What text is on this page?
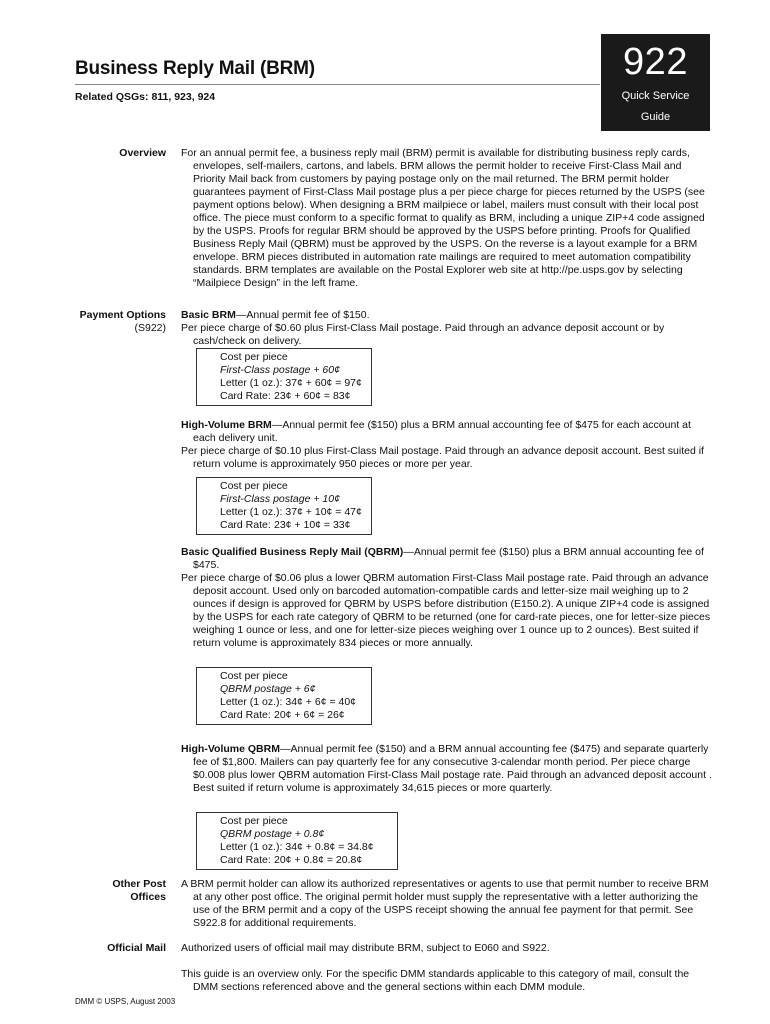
Business Reply Mail (BRM)
Related QSGs: 811, 923, 924
922
Quick Service
Guide
Overview For an annual permit fee, a business reply mail (BRM) permit is available for distributing business reply cards, envelopes, self-mailers, cartons, and labels. BRM allows the permit holder to receive First-Class Mail and Priority Mail back from customers by paying postage only on the mail returned. The BRM permit holder guarantees payment of First-Class Mail postage plus a per piece charge for pieces returned by the USPS (see payment options below). When designing a BRM mailpiece or label, mailers must consult with their local post office. The piece must conform to a specific format to qualify as BRM, including a unique ZIP+4 code assigned by the USPS. Proofs for regular BRM should be approved by the USPS before printing. Proofs for Qualified Business Reply Mail (QBRM) must be approved by the USPS. On the reverse is a layout example for a BRM envelope. BRM pieces distributed in automation rate mailings are required to meet automation compatibility standards. BRM templates are available on the Postal Explorer web site at http://pe.usps.gov by selecting “Mailpiece Design” in the left frame.

Payment Options
(S922)

Basic BRM—Annual permit fee of $150.

Per piece charge of $0.60 plus First-Class Mail postage. Paid through an advance deposit account or by cash/check on delivery.

Cost per piece
First-Class postage + 60¢
Letter (1 oz.): 37¢ + 60¢ = 97¢
Card Rate: 23¢ + 60¢ = 83¢

High-Volume BRM—Annual permit fee ($150) plus a BRM annual accounting fee of $475 for each account at each delivery unit.

Per piece charge of $0.10 plus First-Class Mail postage. Paid through an advance deposit account. Best suited if return volume is approximately 950 pieces or more per year.

Cost per piece
First-Class postage + 10¢
Letter (1 oz.): 37¢ + 10¢ = 47¢
Card Rate: 23¢ + 10¢ = 33¢

Basic Qualified Business Reply Mail (QBRM)—Annual permit fee ($150) plus a BRM annual accounting fee of $475.

Per piece charge of $0.06 plus a lower QBRM automation First-Class Mail postage rate. Paid through an advance deposit account. Used only on barcoded automation-compatible cards and letter-size mail weighing up to 2 ounces if design is approved for QBRM by USPS before distribution (E150.2). A unique ZIP+4 code is assigned by the USPS for each rate category of QBRM to be returned (one for card-rate pieces, one for letter-size pieces weighing 1 ounce or less, and one for letter-size pieces weighing over 1 ounce up to 2 ounces). Best suited if return volume is approximately 834 pieces or more annually.

Cost per piece
QBRM postage + 6¢
Letter (1 oz.): 34¢ + 6¢ = 40¢
Card Rate: 20¢ + 6¢ = 26¢

High-Volume QBRM—Annual permit fee ($150) and a BRM annual accounting fee ($475) and separate quarterly fee of $1,800. Mailers can pay quarterly fee for any consecutive 3-calendar month period. Per piece charge $0.008 plus lower QBRM automation First-Class Mail postage rate. Paid through an advanced deposit account . Best suited if return volume is approximately 34,615 pieces or more quarterly.

Cost per piece
QBRM postage + 0.8¢
Letter (1 oz.): 34¢ + 0.8¢ = 34.8¢
Card Rate: 20¢ + 0.8¢ = 20.8¢
Other Post
Offices

A BRM permit holder can allow its authorized representatives or agents to use that permit number to receive BRM at any other post office. The original permit holder must supply the representative with a letter authorizing the use of the BRM permit and a copy of the USPS receipt showing the annual fee payment for that permit. See S922.8 for additional requirements.

Official Mail Authorized users of official mail may distribute BRM, subject to E060 and S922.

This guide is an overview only. For the specific DMM standards applicable to this category of mail, consult the DMM sections referenced above and the general sections within each DMM module.

DMM © USPS, August 2003
